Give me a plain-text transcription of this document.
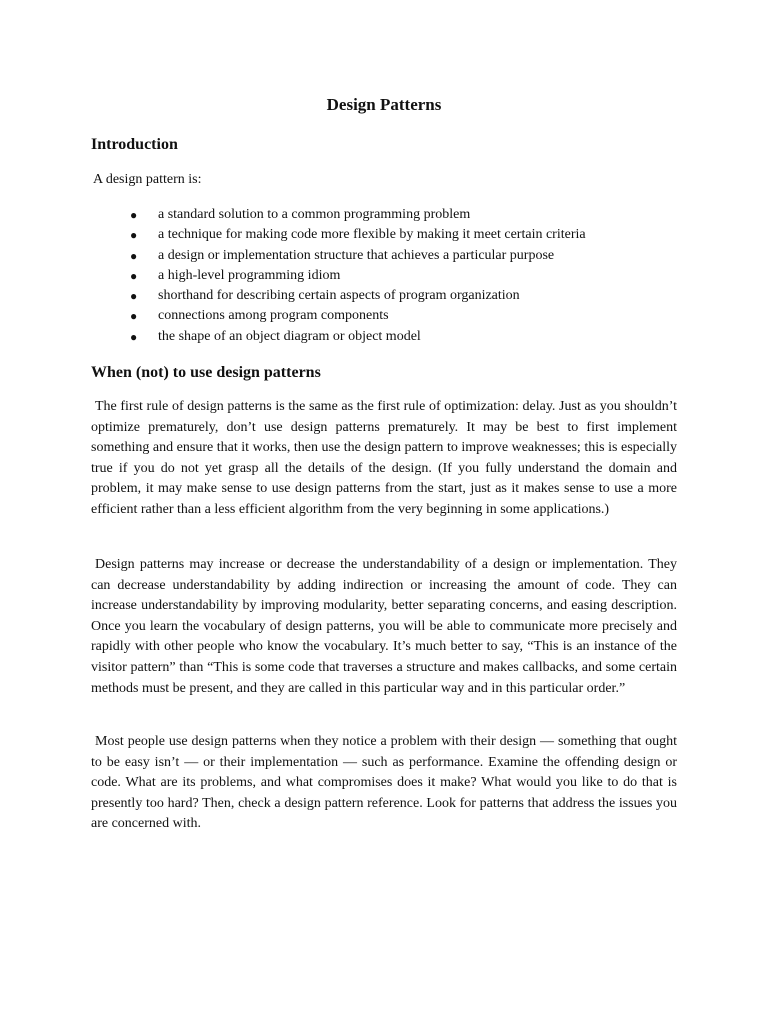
Design Patterns
Introduction

A design pattern is:

● a standard solution to a common programming problem
● a technique for making code more flexible by making it meet certain criteria
● a design or implementation structure that achieves a particular purpose
● a high-level programming idiom
● shorthand for describing certain aspects of program organization
● connections among program components
● the shape of an object diagram or object model
When (not) to use design patterns

The first rule of design patterns is the same as the first rule of optimization: delay. Just as you shouldn’t optimize prematurely, don’t use design patterns prematurely. It may be best to first implement something and ensure that it works, then use the design pattern to improve weaknesses; this is especially true if you do not yet grasp all the details of the design. (If you fully understand the domain and problem, it may make sense to use design patterns from the start, just as it makes sense to use a more efficient rather than a less efficient algorithm from the very beginning in some applications.)

Design patterns may increase or decrease the understandability of a design or implementation. They can decrease understandability by adding indirection or increasing the amount of code. They can increase understandability by improving modularity, better separating concerns, and easing description. Once you learn the vocabulary of design patterns, you will be able to communicate more precisely and rapidly with other people who know the vocabulary. It’s much better to say, “This is an instance of the visitor pattern” than “This is some code that traverses a structure and makes callbacks, and some certain methods must be present, and they are called in this particular way and in this particular order.”

Most people use design patterns when they notice a problem with their design — something that ought to be easy isn’t — or their implementation — such as performance. Examine the offending design or code. What are its problems, and what compromises does it make? What would you like to do that is presently too hard? Then, check a design pattern reference. Look for patterns that address the issues you are concerned with.
